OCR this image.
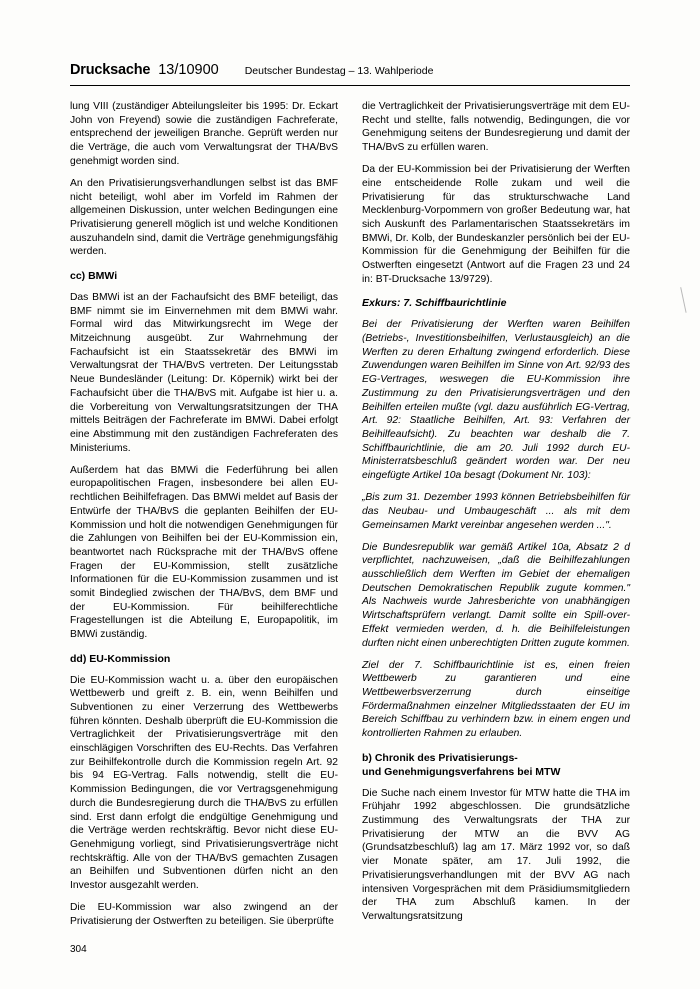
Drucksache 13/10900 Deutscher Bundestag – 13. Wahlperiode

lung VIII (zuständiger Abteilungsleiter bis 1995: Dr. Eckart John von Freyend) sowie die zuständigen Fachreferate, entsprechend der jeweiligen Branche. Geprüft werden nur die Verträge, die auch vom Verwaltungsrat der THA/BvS genehmigt worden sind.

An den Privatisierungsverhandlungen selbst ist das BMF nicht beteiligt, wohl aber im Vorfeld im Rahmen der allgemeinen Diskussion, unter welchen Bedingungen eine Privatisierung generell möglich ist und welche Konditionen auszuhandeln sind, damit die Verträge genehmigungsfähig werden.

cc) BMWi

Das BMWi ist an der Fachaufsicht des BMF beteiligt, das BMF nimmt sie im Einvernehmen mit dem BMWi wahr. Formal wird das Mitwirkungsrecht im Wege der Mitzeichnung ausgeübt. Zur Wahrnehmung der Fachaufsicht ist ein Staatssekretär des BMWi im Verwaltungsrat der THA/BvS vertreten. Der Leitungsstab Neue Bundesländer (Leitung: Dr. Köpernik) wirkt bei der Fachaufsicht über die THA/BvS mit. Aufgabe ist hier u. a. die Vorbereitung von Verwaltungsratsitzungen der THA mittels Beiträgen der Fachreferate im BMWi. Dabei erfolgt eine Abstimmung mit den zuständigen Fachreferaten des Ministeriums.

Außerdem hat das BMWi die Federführung bei allen europapolitischen Fragen, insbesondere bei allen EU-rechtlichen Beihilfefragen. Das BMWi meldet auf Basis der Entwürfe der THA/BvS die geplanten Beihilfen der EU-Kommission und holt die notwendigen Genehmigungen für die Zahlungen von Beihilfen bei der EU-Kommission ein, beantwortet nach Rücksprache mit der THA/BvS offene Fragen der EU-Kommission, stellt zusätzliche Informationen für die EU-Kommission zusammen und ist somit Bindeglied zwischen der THA/BvS, dem BMF und der EU-Kommission. Für beihilferechtliche Fragestellungen ist die Abteilung E, Europapolitik, im BMWi zuständig.

dd) EU-Kommission

Die EU-Kommission wacht u. a. über den europäischen Wettbewerb und greift z. B. ein, wenn Beihilfen und Subventionen zu einer Verzerrung des Wettbewerbs führen könnten. Deshalb überprüft die EU-Kommission die Vertraglichkeit der Privatisierungsverträge mit den einschlägigen Vorschriften des EU-Rechts. Das Verfahren zur Beihilfekontrolle durch die Kommission regeln Art. 92 bis 94 EG-Vertrag. Falls notwendig, stellt die EU-Kommission Bedingungen, die vor Vertragsgenehmigung durch die Bundesregierung durch die THA/BvS zu erfüllen sind. Erst dann erfolgt die endgültige Genehmigung und die Verträge werden rechtskräftig. Bevor nicht diese EU-Genehmigung vorliegt, sind Privatisierungsverträge nicht rechtskräftig. Alle von der THA/BvS gemachten Zusagen an Beihilfen und Subventionen dürfen nicht an den Investor ausgezahlt werden.

Die EU-Kommission war also zwingend an der Privatisierung der Ostwerften zu beteiligen. Sie überprüfte

die Vertraglichkeit der Privatisierungsverträge mit dem EU-Recht und stellte, falls notwendig, Bedingungen, die vor Genehmigung seitens der Bundesregierung und damit der THA/BvS zu erfüllen waren.

Da der EU-Kommission bei der Privatisierung der Werften eine entscheidende Rolle zukam und weil die Privatisierung für das strukturschwache Land Mecklenburg-Vorpommern von großer Bedeutung war, hat sich Auskunft des Parlamentarischen Staatssekretärs im BMWi, Dr. Kolb, der Bundeskanzler persönlich bei der EU-Kommission für die Genehmigung der Beihilfen für die Ostwerften eingesetzt (Antwort auf die Fragen 23 und 24 in: BT-Drucksache 13/9729).

Exkurs: 7. Schiffbaurichtlinie

Bei der Privatisierung der Werften waren Beihilfen (Betriebs-, Investitionsbeihilfen, Verlustausgleich) an die Werften zu deren Erhaltung zwingend erforderlich. Diese Zuwendungen waren Beihilfen im Sinne von Art. 92/93 des EG-Vertrages, weswegen die EU-Kommission ihre Zustimmung zu den Privatisierungsverträgen und den Beihilfen erteilen mußte (vgl. dazu ausführlich EG-Vertrag, Art. 92: Staatliche Beihilfen, Art. 93: Verfahren der Beihilfeaufsicht). Zu beachten war deshalb die 7. Schiffbaurichtlinie, die am 20. Juli 1992 durch EU-Ministerratsbeschluß geändert worden war. Der neu eingefügte Artikel 10a besagt (Dokument Nr. 103):

„Bis zum 31. Dezember 1993 können Betriebsbeihilfen für das Neubau- und Umbaugeschäft ... als mit dem Gemeinsamen Markt vereinbar angesehen werden ...".

Die Bundesrepublik war gemäß Artikel 10a, Absatz 2 d verpflichtet, nachzuweisen, „daß die Beihilfezahlungen ausschließlich dem Werften im Gebiet der ehemaligen Deutschen Demokratischen Republik zugute kommen." Als Nachweis wurde Jahresberichte von unabhängigen Wirtschaftsprüfern verlangt. Damit sollte ein Spill-over-Effekt vermieden werden, d. h. die Beihilfeleistungen durften nicht einen unberechtigten Dritten zugute kommen.

Ziel der 7. Schiffbaurichtlinie ist es, einen freien Wettbewerb zu garantieren und eine Wettbewerbsverzerrung durch einseitige Fördermaßnahmen einzelner Mitgliedsstaaten der EU im Bereich Schiffbau zu verhindern bzw. in einem engen und kontrollierten Rahmen zu erlauben.

b) Chronik des Privatisierungs-
und Genehmigungsverfahrens bei MTW

Die Suche nach einem Investor für MTW hatte die THA im Frühjahr 1992 abgeschlossen. Die grundsätzliche Zustimmung des Verwaltungsrats der THA zur Privatisierung der MTW an die BVV AG (Grundsatzbeschluß) lag am 17. März 1992 vor, so daß vier Monate später, am 17. Juli 1992, die Privatisierungsverhandlungen mit der BVV AG nach intensiven Vorgesprächen mit dem Präsidiumsmitgliedern der THA zum Abschluß kamen. In der Verwaltungsratsitzung

304
